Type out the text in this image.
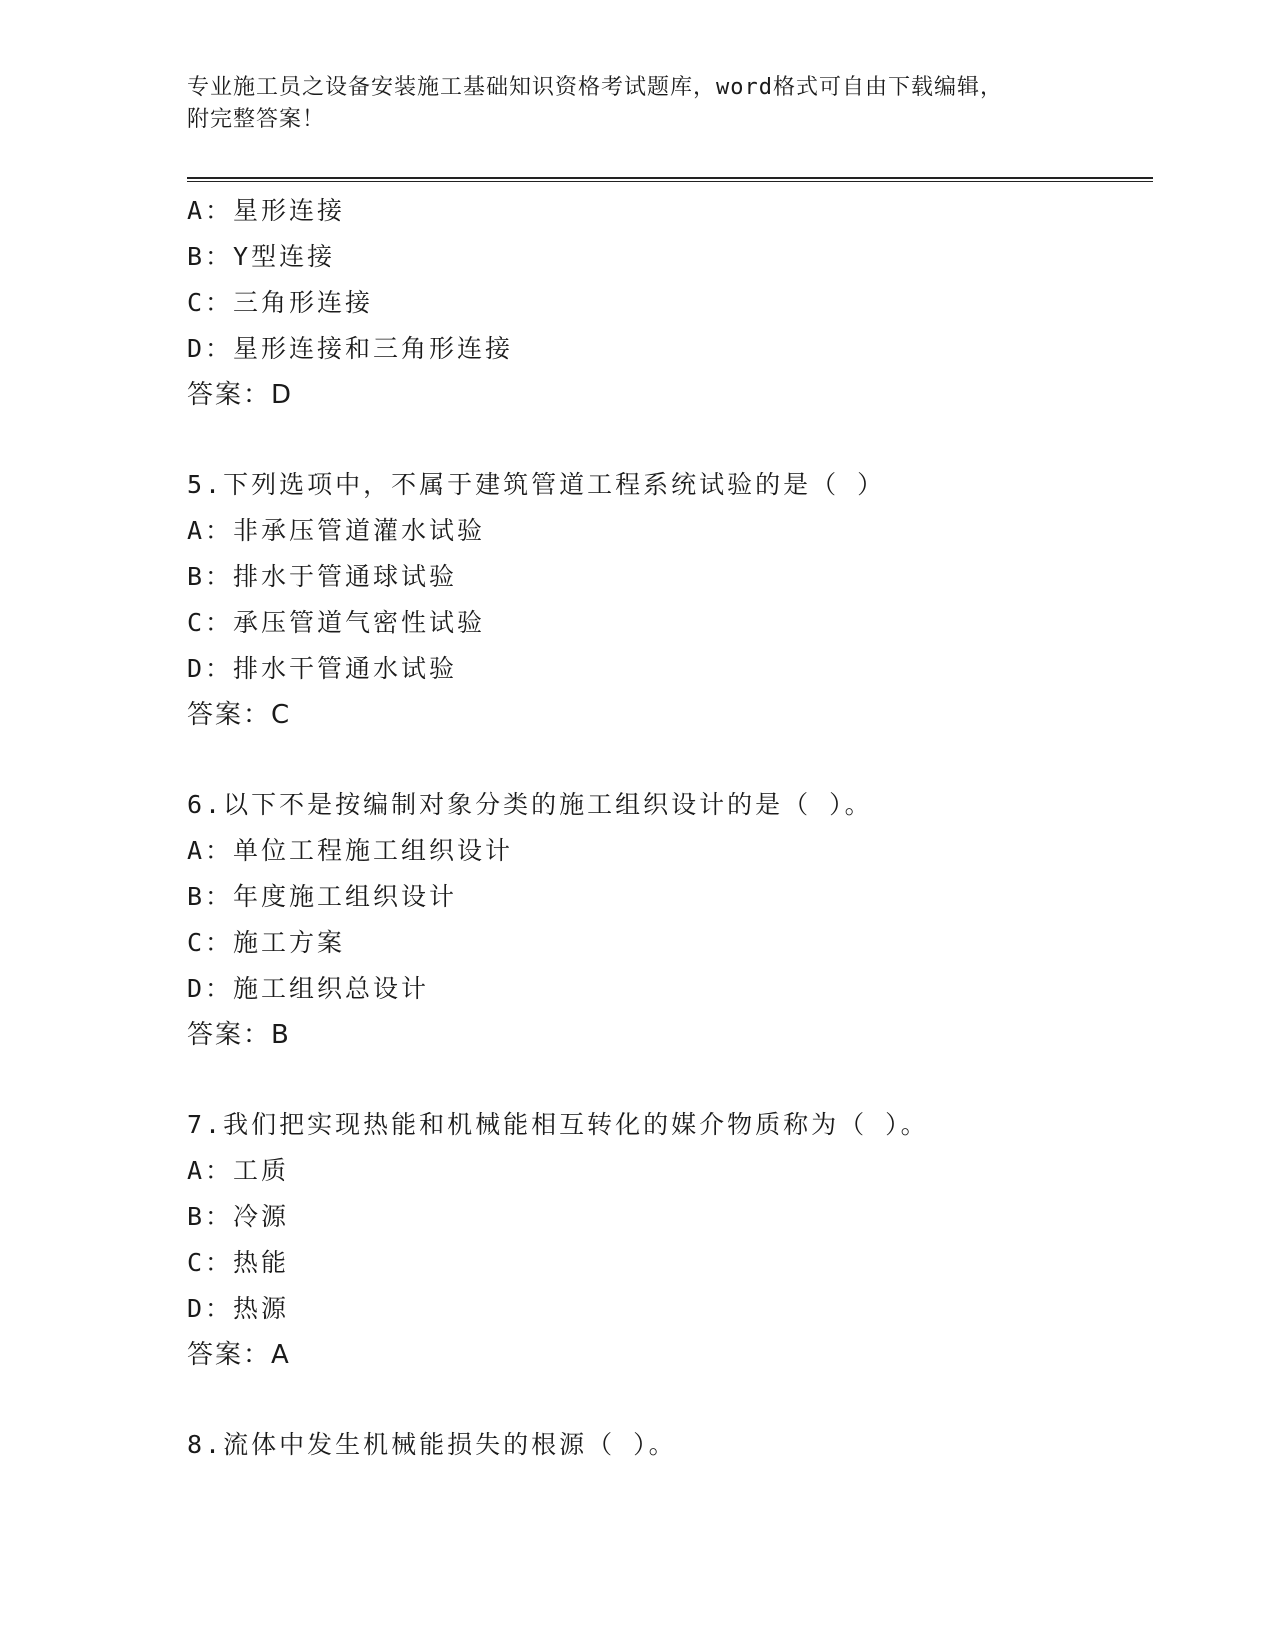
专业施工员之设备安装施工基础知识资格考试题库，word格式可自由下载编辑，
附完整答案！
A：星形连接
B：Y型连接
C：三角形连接
D：星形连接和三角形连接
答案：D
5.下列选项中，不属于建筑管道工程系统试验的是（ ）
A：非承压管道灌水试验
B：排水于管通球试验
C：承压管道气密性试验
D：排水干管通水试验
答案：C
6.以下不是按编制对象分类的施工组织设计的是（ ）。
A：单位工程施工组织设计
B：年度施工组织设计
C：施工方案
D：施工组织总设计
答案：B
7.我们把实现热能和机械能相互转化的媒介物质称为（ ）。
A：工质
B：冷源
C：热能
D：热源
答案：A
8.流体中发生机械能损失的根源（ ）。
